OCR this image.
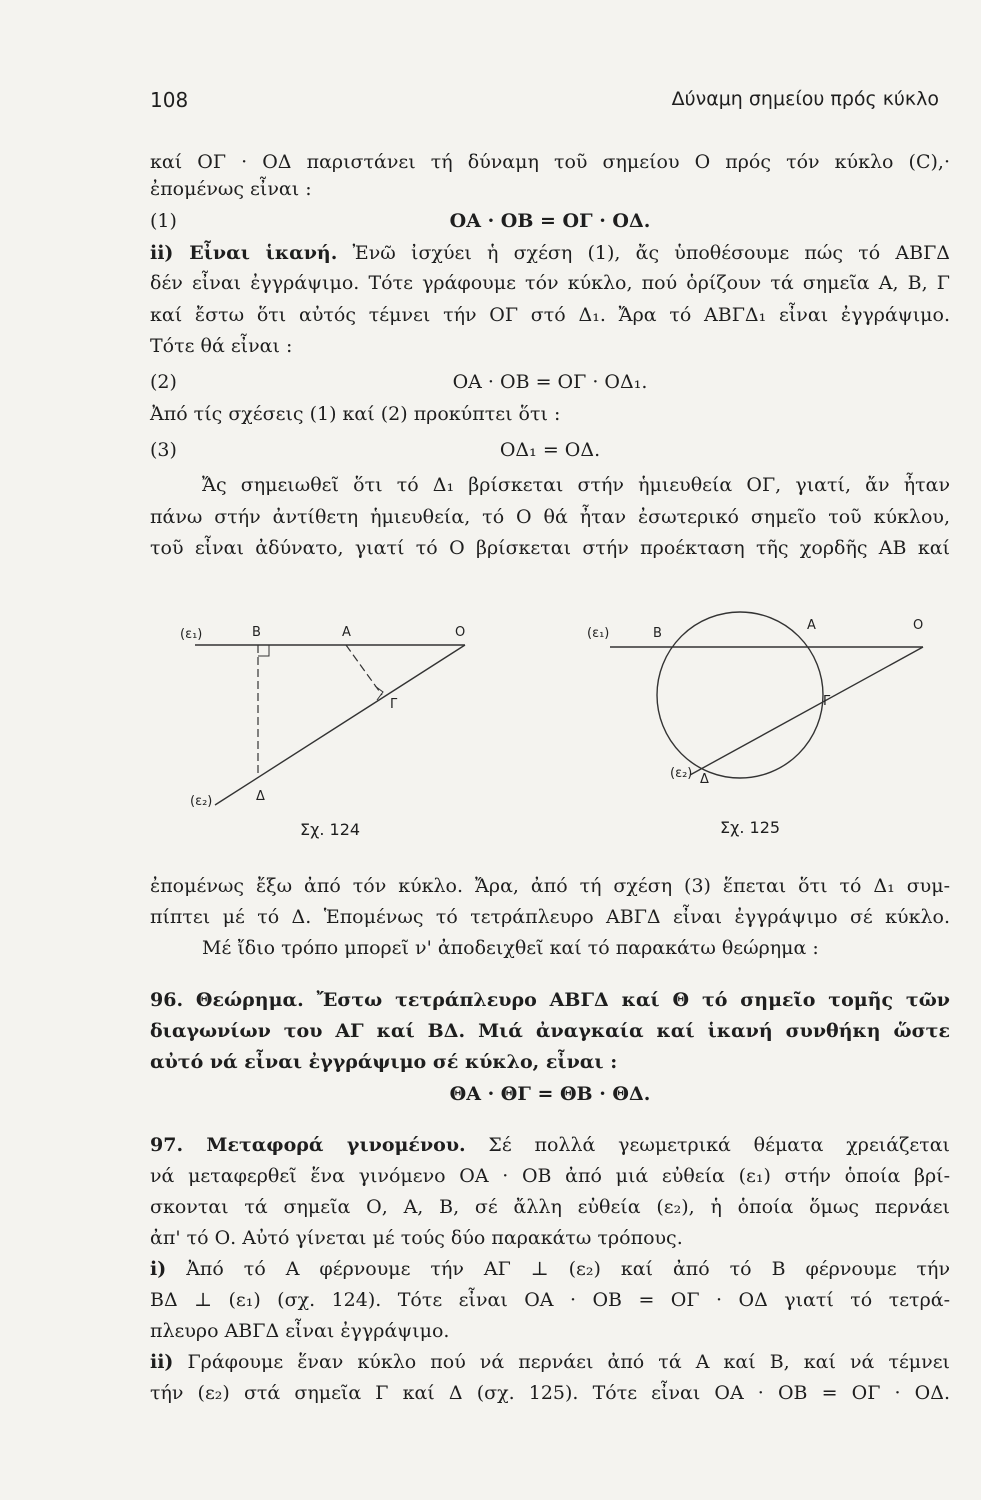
108	Δύναμη σημείου πρός κύκλο
καί ΟΓ · ΟΔ παριστάνει τή δύναμη τοῦ σημείου Ο πρός τόν κύκλο (C),·
ἐπομένως εἶναι :
(1)	ΟΑ · ΟΒ = ΟΓ · ΟΔ.
ii) Εἶναι ἱκανή. Ἐνῶ ἰσχύει ἡ σχέση (1), ἄς ὑποθέσουμε πώς τό ΑΒΓΔ
δέν εἶναι ἐγγράψιμο. Τότε γράφουμε τόν κύκλο, πού ὁρίζουν τά σημεῖα Α, Β, Γ
καί ἔστω ὅτι αὐτός τέμνει τήν ΟΓ στό Δ₁. Ἄρα τό ΑΒΓΔ₁ εἶναι ἐγγράψιμο.
Τότε θά εἶναι :
(2)	ΟΑ · ΟΒ = ΟΓ · ΟΔ₁.
Ἀπό τίς σχέσεις (1) καί (2) προκύπτει ὅτι :
(3)	ΟΔ₁ = ΟΔ.
Ἄς σημειωθεῖ ὅτι τό Δ₁ βρίσκεται στήν ἡμιευθεία ΟΓ, γιατί, ἄν ἦταν
πάνω στήν ἀντίθετη ἡμιευθεία, τό Ο θά ἦταν ἐσωτερικό σημεῖο τοῦ κύκλου,
τοῦ εἶναι ἀδύνατο, γιατί τό Ο βρίσκεται στήν προέκταση τῆς χορδῆς ΑΒ καί
(ε₁)	Β	Α	Ο
Γ
(ε₂)	Δ
Σχ. 124
(ε₁)	Β
Α	Ο
Γ
(ε₂) Δ
Σχ. 125
ἐπομένως ἔξω ἀπό τόν κύκλο. Ἄρα, ἀπό τή σχέση (3) ἕπεται ὅτι τό Δ₁ συμ-
πίπτει μέ τό Δ. Ἑπομένως τό τετράπλευρο ΑΒΓΔ εἶναι ἐγγράψιμο σέ κύκλο.
Μέ ἴδιο τρόπο μπορεῖ ν' ἀποδειχθεῖ καί τό παρακάτω θεώρημα :
96. Θεώρημα. Ἔστω τετράπλευρο ΑΒΓΔ καί Θ τό σημεῖο τομῆς τῶν
διαγωνίων του ΑΓ καί ΒΔ. Μιά ἀναγκαία καί ἱκανή συνθήκη ὥστε
αὐτό νά εἶναι ἐγγράψιμο σέ κύκλο, εἶναι :
ΘΑ · ΘΓ = ΘΒ · ΘΔ.
97. Μεταφορά γινομένου. Σέ πολλά γεωμετρικά θέματα χρειάζεται
νά μεταφερθεῖ ἕνα γινόμενο ΟΑ · ΟΒ ἀπό μιά εὐθεία (ε₁) στήν ὁποία βρί-
σκονται τά σημεῖα Ο, Α, Β, σέ ἄλλη εὐθεία (ε₂), ἡ ὁποία ὅμως περνάει
ἀπ' τό Ο. Αὐτό γίνεται μέ τούς δύο παρακάτω τρόπους.
i) Ἀπό τό Α φέρνουμε τήν ΑΓ ⊥ (ε₂) καί ἀπό τό Β φέρνουμε τήν
ΒΔ ⊥ (ε₁) (σχ. 124). Τότε εἶναι ΟΑ · ΟΒ = ΟΓ · ΟΔ γιατί τό τετρά-
πλευρο ΑΒΓΔ εἶναι ἐγγράψιμο.
ii) Γράφουμε ἕναν κύκλο πού νά περνάει ἀπό τά Α καί Β, καί νά τέμνει
τήν (ε₂) στά σημεῖα Γ καί Δ (σχ. 125). Τότε εἶναι ΟΑ · ΟΒ = ΟΓ · ΟΔ.
